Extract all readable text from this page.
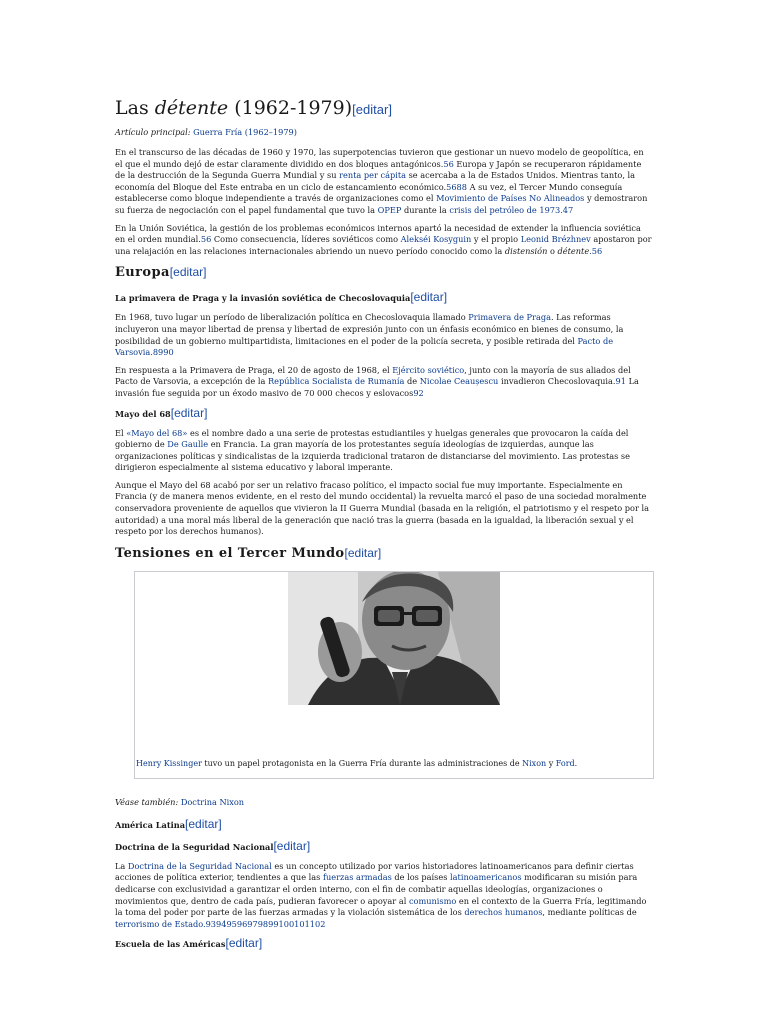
Las détente (1962-1979) [ editar ]
Artículo principal: Guerra Fría (1962–1979)

En el transcurso de las décadas de 1960 y 1970, las superpotencias tuvieron que gestionar un nuevo modelo de geopolítica, en el que el mundo dejó de estar claramente dividido en dos bloques antagónicos.56 Europa y Japón se recuperaron rápidamente de la destrucción de la Segunda Guerra Mundial y su renta per cápita se acercaba a la de Estados Unidos. Mientras tanto, la economía del Bloque del Este entraba en un ciclo de estancamiento económico.5688 A su vez, el Tercer Mundo conseguía establecerse como bloque independiente a través de organizaciones como el Movimiento de Países No Alineados y demostraron su fuerza de negociación con el papel fundamental que tuvo la OPEP durante la crisis del petróleo de 1973.47

En la Unión Soviética, la gestión de los problemas económicos internos apartó la necesidad de extender la influencia soviética en el orden mundial.56 Como consecuencia, líderes soviéticos como Alekséi Kosyguin y el propio Leonid Brézhnev apostaron por una relajación en las relaciones internacionales abriendo un nuevo período conocido como la distensión o détente.56

Europa [ editar ]
La primavera de Praga y la invasión soviética de Checoslovaquia [ editar ]

En 1968, tuvo lugar un período de liberalización política en Checoslovaquia llamado Primavera de Praga. Las reformas incluyeron una mayor libertad de prensa y libertad de expresión junto con un énfasis económico en bienes de consumo, la posibilidad de un gobierno multipartidista, limitaciones en el poder de la policía secreta, y posible retirada del Pacto de Varsovia.8990

En respuesta a la Primavera de Praga, el 20 de agosto de 1968, el Ejército soviético, junto con la mayoría de sus aliados del Pacto de Varsovia, a excepción de la República Socialista de Rumanía de Nicolae Ceaușescu invadieron Checoslovaquia.91 La invasión fue seguida por un éxodo masivo de 70 000 checos y eslovacos92

Mayo del 68 [ editar ]

El «Mayo del 68» es el nombre dado a una serie de protestas estudiantiles y huelgas generales que provocaron la caída del gobierno de De Gaulle en Francia. La gran mayoría de los protestantes seguía ideologías de izquierdas, aunque las organizaciones políticas y sindicalistas de la izquierda tradicional trataron de distanciarse del movimiento. Las protestas se dirigieron especialmente al sistema educativo y laboral imperante.

Aunque el Mayo del 68 acabó por ser un relativo fracaso político, el impacto social fue muy importante. Especialmente en Francia (y de manera menos evidente, en el resto del mundo occidental) la revuelta marcó el paso de una sociedad moralmente conservadora proveniente de aquellos que vivieron la II Guerra Mundial (basada en la religión, el patriotismo y el respeto por la autoridad) a una moral más liberal de la generación que nació tras la guerra (basada en la igualdad, la liberación sexual y el respeto por los derechos humanos).

Tensiones en el Tercer Mundo [ editar ]
Henry Kissinger tuvo un papel protagonista en la Guerra Fría durante las administraciones de Nixon y Ford.
Véase también: Doctrina Nixon
América Latina [ editar ]
Doctrina de la Seguridad Nacional [ editar ]

La Doctrina de la Seguridad Nacional es un concepto utilizado por varios historiadores latinoamericanos para definir ciertas acciones de política exterior, tendientes a que las fuerzas armadas de los países latinoamericanos modificaran su misión para dedicarse con exclusividad a garantizar el orden interno, con el fin de combatir aquellas ideologías, organizaciones o movimientos que, dentro de cada país, pudieran favorecer o apoyar al comunismo en el contexto de la Guerra Fría, legitimando la toma del poder por parte de las fuerzas armadas y la violación sistemática de los derechos humanos, mediante políticas de terrorismo de Estado.93949596979899100101102

Escuela de las Américas [ editar ]
